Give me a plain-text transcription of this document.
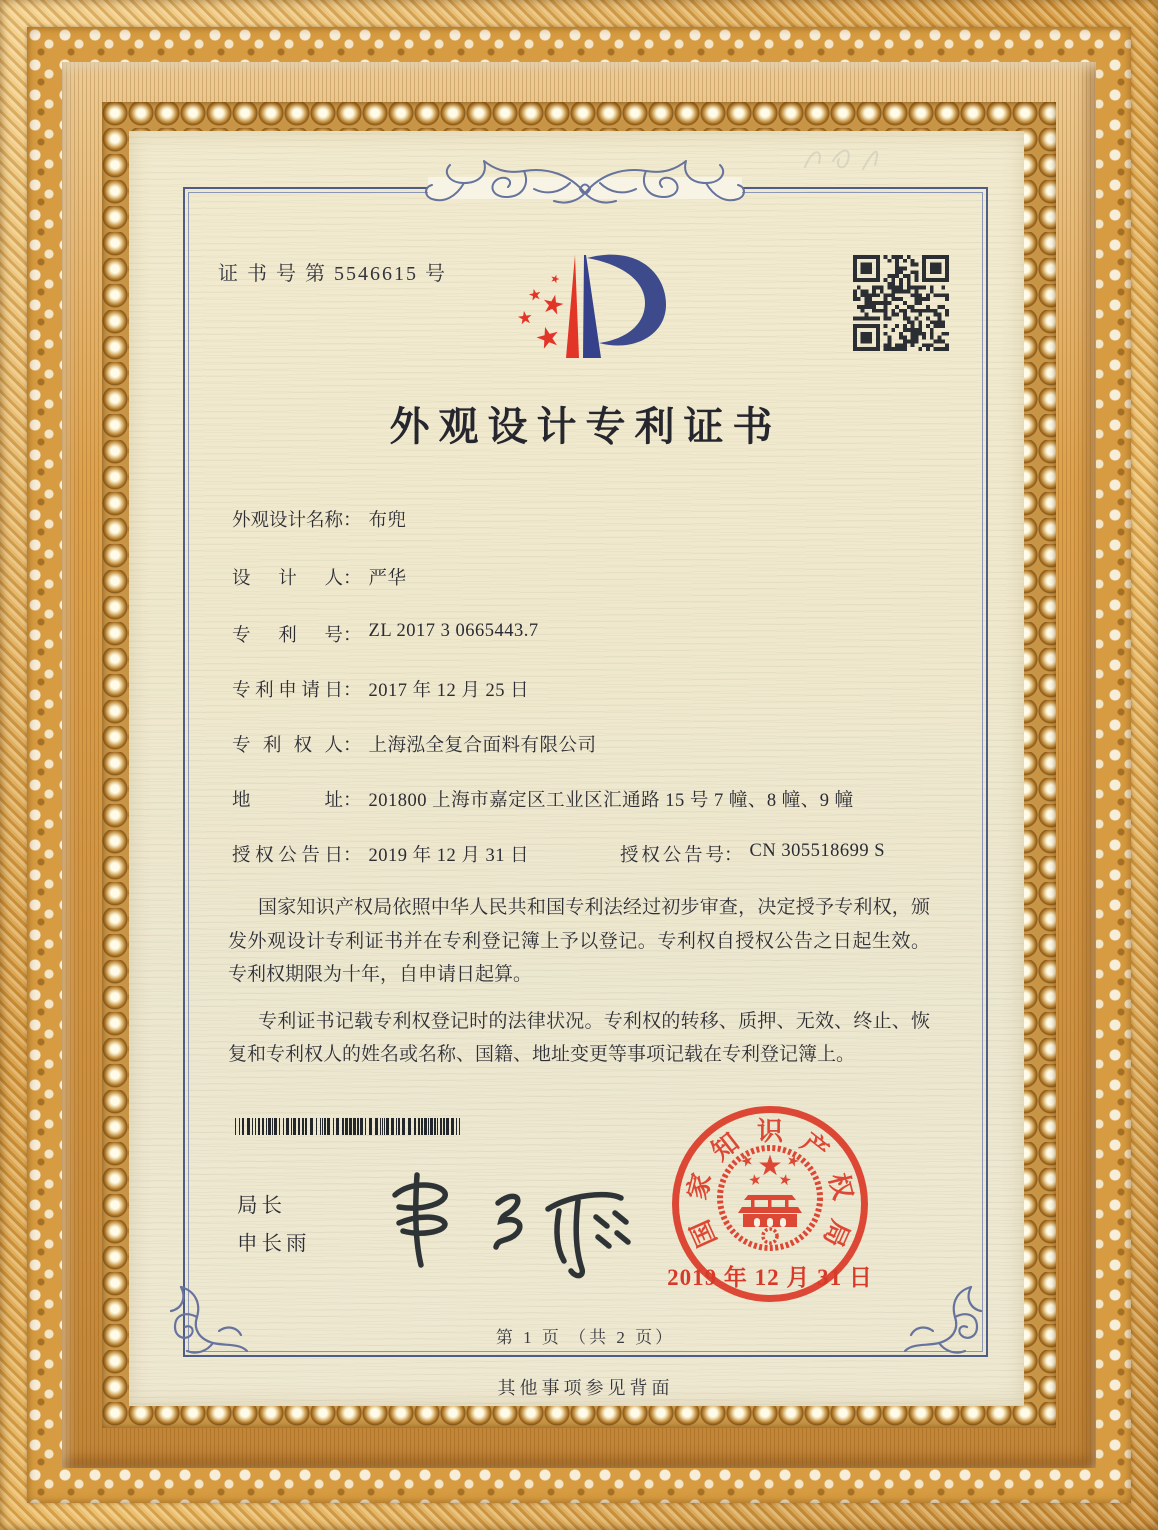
证 书 号 第 5546615 号
外观设计专利证书
外观设计名称： 布兜
设 计 人： 严华
专 利 号： ZL 2017 3 0665443.7
专利申请日： 2017 年 12 月 25 日
专 利 权 人： 上海泓全复合面料有限公司
地 址： 201800 上海市嘉定区工业区汇通路 15 号 7 幢、8 幢、9 幢
授权公告日： 2019 年 12 月 31 日	授权公告号： CN 305518699 S

国家知识产权局依照中华人民共和国专利法经过初步审查，决定授予专利权，颁发外观设计专利证书并在专利登记簿上予以登记。专利权自授权公告之日起生效。专利权期限为十年，自申请日起算。

专利证书记载专利权登记时的法律状况。专利权的转移、质押、无效、终止、恢复和专利权人的姓名或名称、国籍、地址变更等事项记载在专利登记簿上。

局长
申长雨	国
家
知 识 产
权
局
2019 年 12 月 31 日
第 1 页 （共 2 页）
其他事项参见背面
